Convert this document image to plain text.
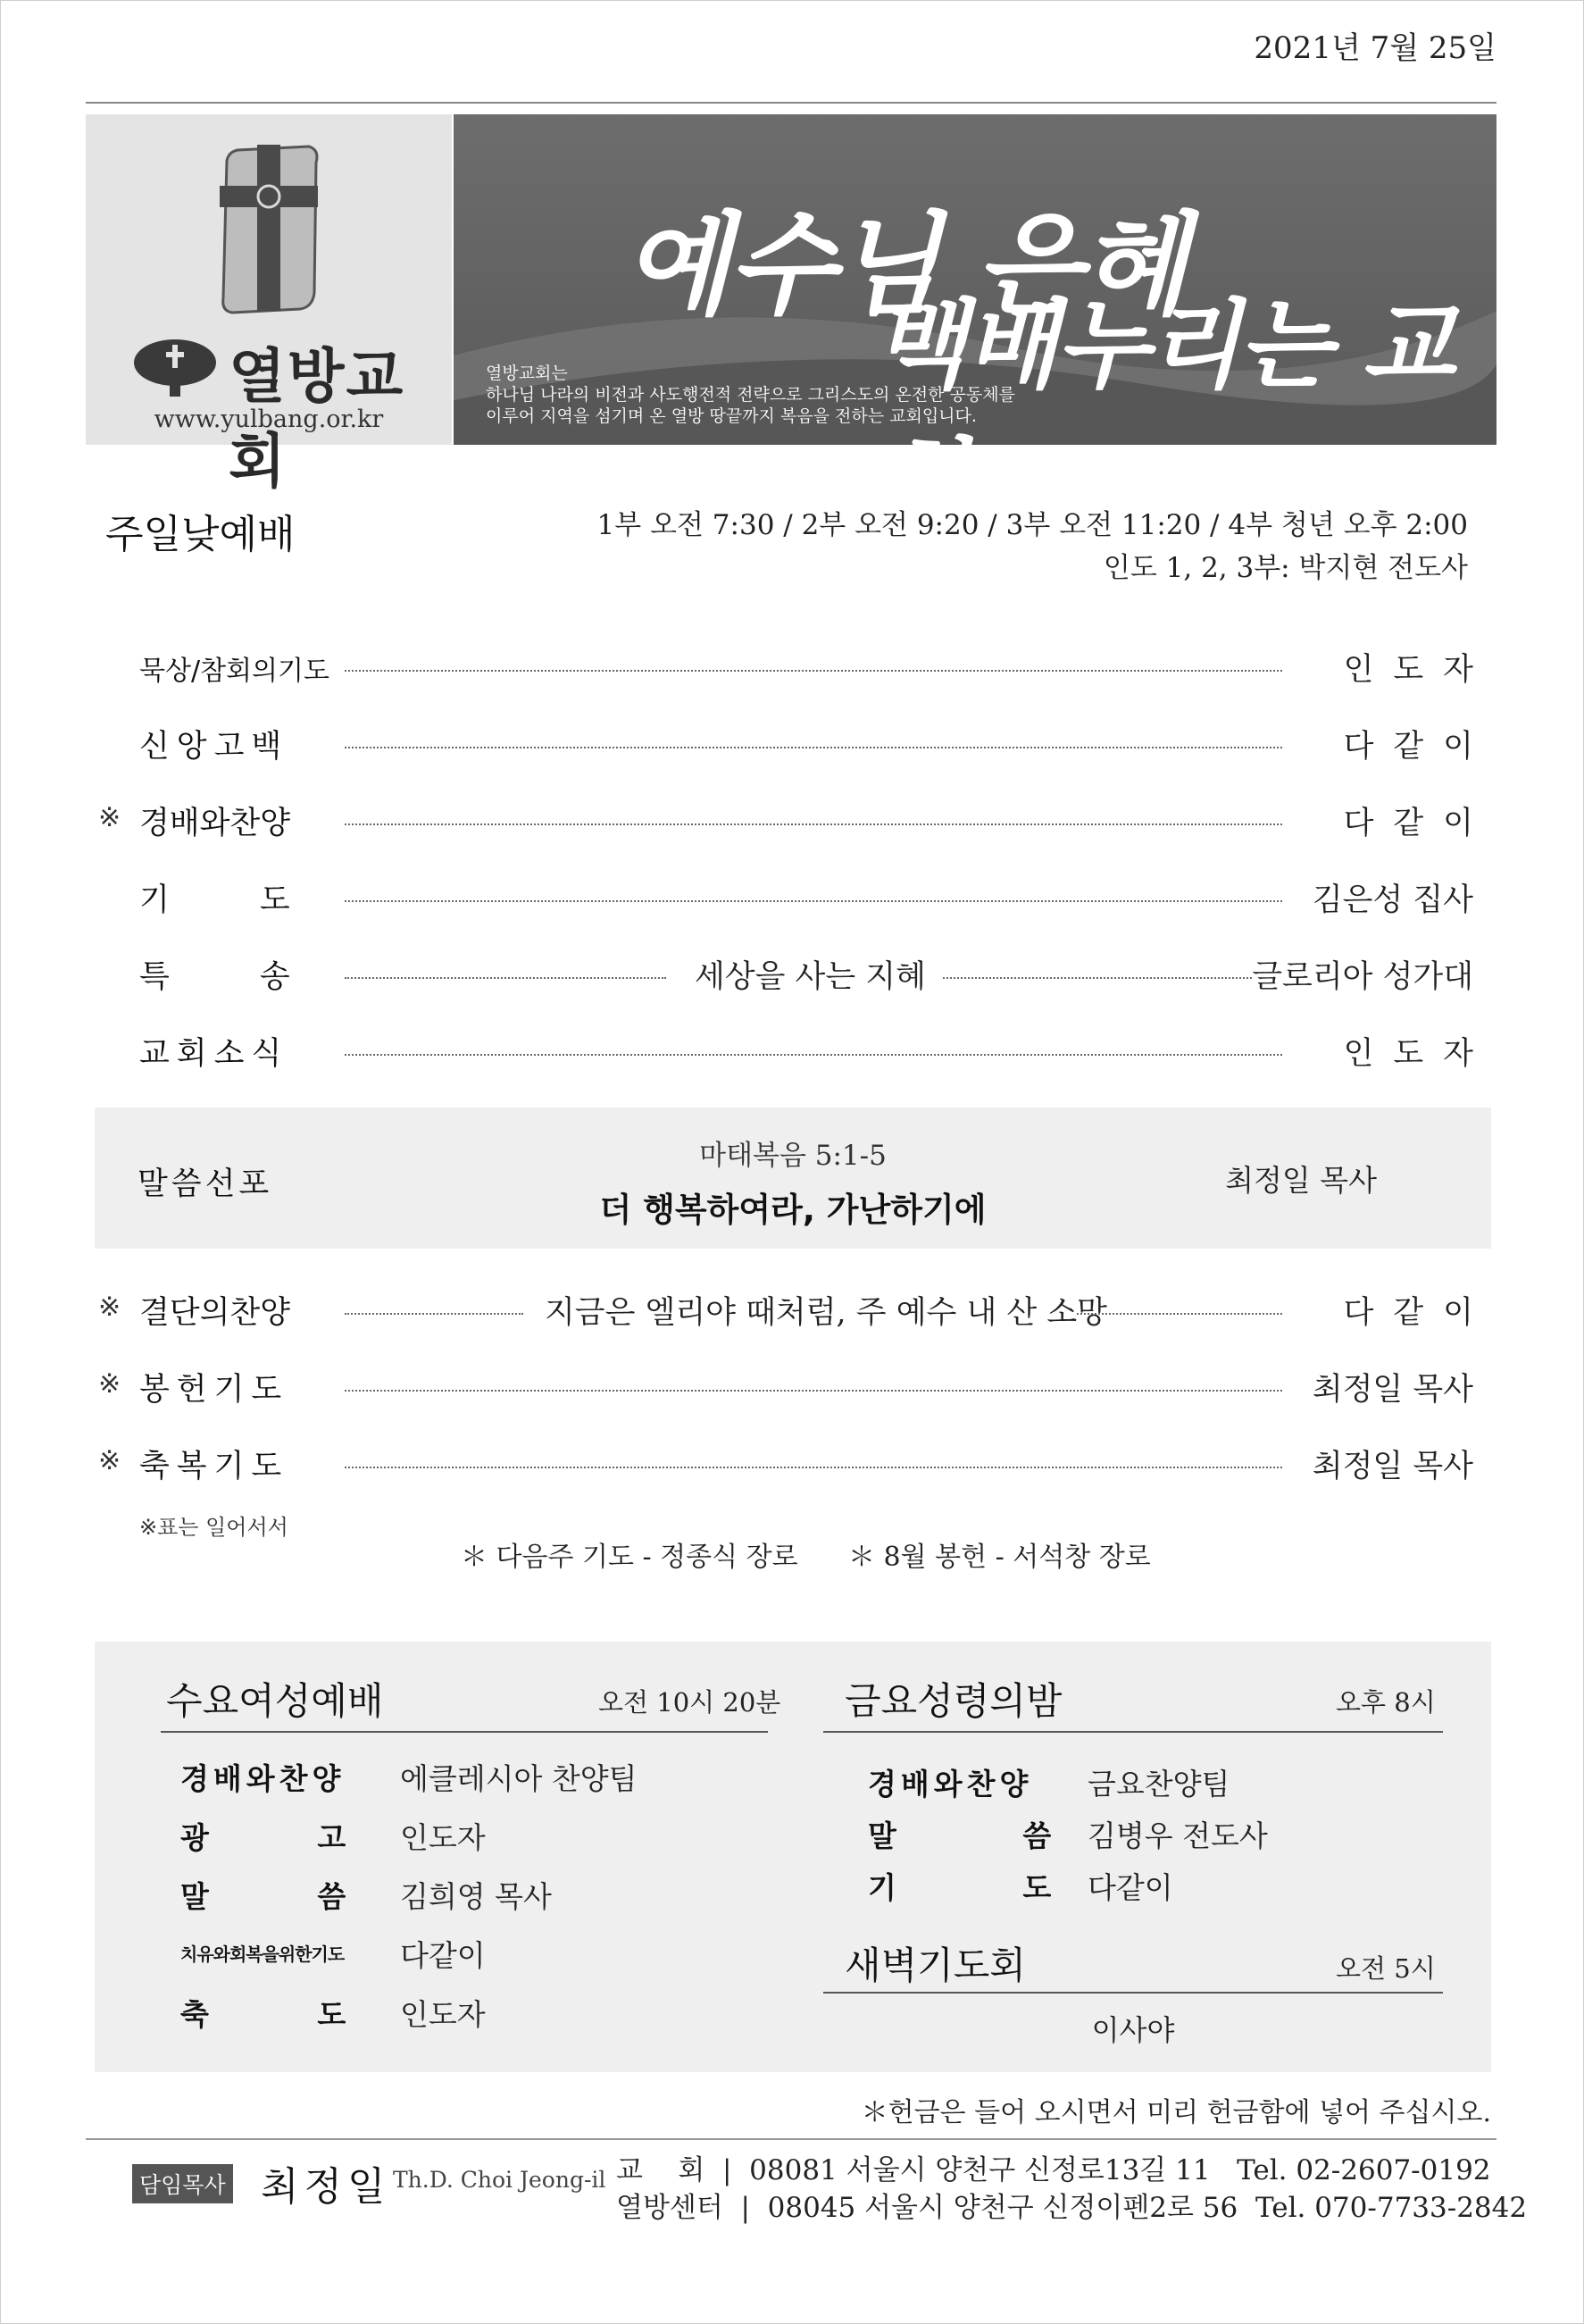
2021년 7월 25일
열방교회
www.yulbang.or.kr
예수님 은혜
백배누리는 교회
열방교회는
하나님 나라의 비전과 사도행전적 전략으로 그리스도의 온전한 공동체를
이루어 지역을 섬기며 온 열방 땅끝까지 복음을 전하는 교회입니다.
주일낮예배	1부 오전 7:30 / 2부 오전 9:20 / 3부 오전 11:20 / 4부 청년 오후 2:00
인도 1, 2, 3부: 박지현 전도사
묵상/참회의기도	인도자
신앙고백	다같이
※ 경배와찬양	다같이
기 도	김은성 집사
특 송	세상을 사는 지혜	글로리아 성가대
교회소식	인도자
말씀선포
마태복음 5:1-5
더 행복하여라, 가난하기에
최정일 목사
※ 결단의찬양	지금은 엘리야 때처럼, 주 예수 내 산 소망	다같이
※ 봉헌기도	최정일 목사
※ 축복기도	최정일 목사
※표는 일어서서
＊ 다음주 기도 - 정종식 장로 ＊ 8월 봉헌 - 서석창 장로
수요여성예배	오전 10시 20분
경배와찬양 에클레시아 찬양팀
광 고 인도자
말 씀 김희영 목사
치유와회복을위한기도 다같이
축 도 인도자
금요성령의밤	오후 8시
경배와찬양 금요찬양팀
말 씀 김병우 전도사
기 도 다같이
새벽기도회	오전 5시
이사야
＊헌금은 들어 오시면서 미리 헌금함에 넣어 주십시오.
담임목사 최정일 Th.D. Choi Jeong-il 교    회  |  08081 서울시 양천구 신정로13길 11   Tel. 02-2607-0192
열방센터  |  08045 서울시 양천구 신정이펜2로 56  Tel. 070-7733-2842
